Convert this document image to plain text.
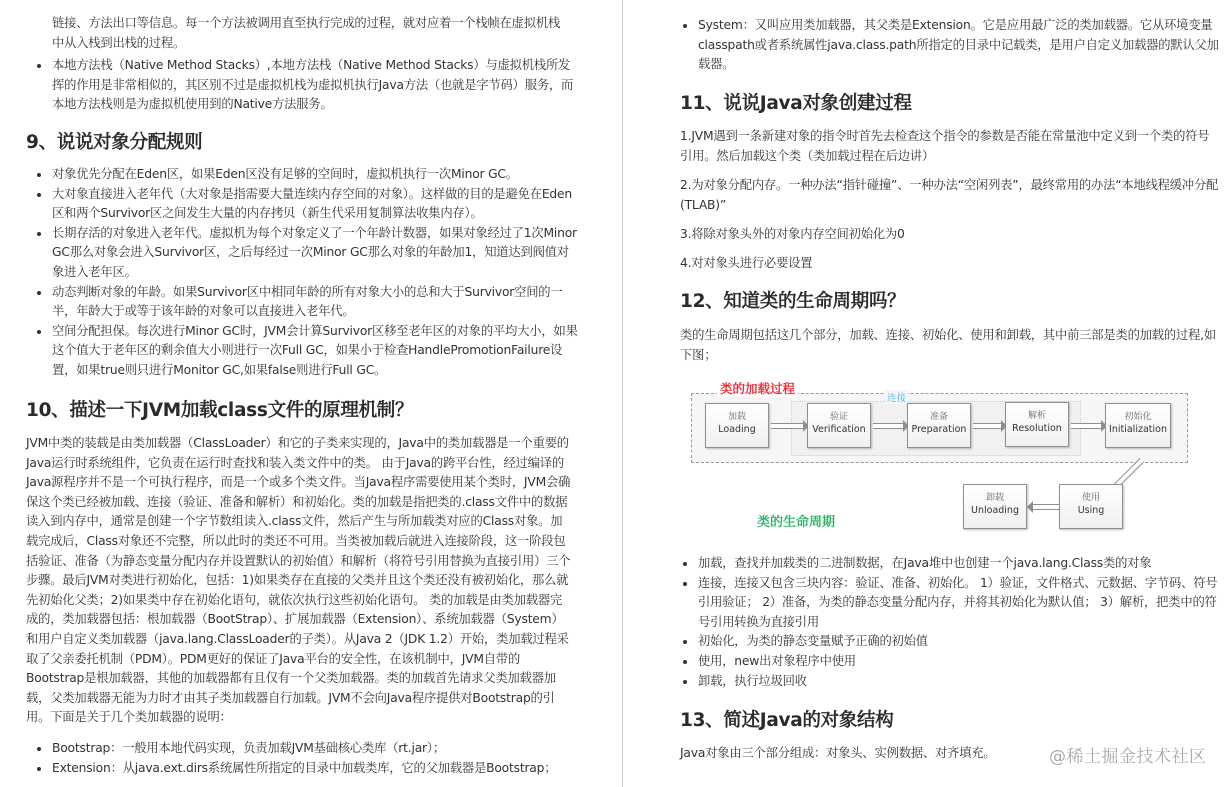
链接、方法出口等信息。每一个方法被调用直至执行完成的过程，就对应着一个栈帧在虚拟机栈中从入栈到出栈的过程。
本地方法栈（Native Method Stacks）,本地方法栈（Native Method Stacks）与虚拟机栈所发挥的作用是非常相似的，其区别不过是虚拟机栈为虚拟机执行Java方法（也就是字节码）服务，而本地方法栈则是为虚拟机使用到的Native方法服务。
9、说说对象分配规则
对象优先分配在Eden区，如果Eden区没有足够的空间时，虚拟机执行一次Minor GC。
大对象直接进入老年代（大对象是指需要大量连续内存空间的对象）。这样做的目的是避免在Eden区和两个Survivor区之间发生大量的内存拷贝（新生代采用复制算法收集内存）。
长期存活的对象进入老年代。虚拟机为每个对象定义了一个年龄计数器，如果对象经过了1次Minor GC那么对象会进入Survivor区，之后每经过一次Minor GC那么对象的年龄加1，知道达到阀值对象进入老年区。
动态判断对象的年龄。如果Survivor区中相同年龄的所有对象大小的总和大于Survivor空间的一半，年龄大于或等于该年龄的对象可以直接进入老年代。
空间分配担保。每次进行Minor GC时，JVM会计算Survivor区移至老年区的对象的平均大小，如果这个值大于老年区的剩余值大小则进行一次Full GC，如果小于检查HandlePromotionFailure设置，如果true则只进行Monitor GC,如果false则进行Full GC。
10、描述一下JVM加载class文件的原理机制？
JVM中类的装载是由类加载器（ClassLoader）和它的子类来实现的，Java中的类加载器是一个重要的Java运行时系统组件，它负责在运行时查找和装入类文件中的类。 由于Java的跨平台性，经过编译的Java源程序并不是一个可执行程序，而是一个或多个类文件。当Java程序需要使用某个类时，JVM会确保这个类已经被加载、连接（验证、准备和解析）和初始化。类的加载是指把类的.class文件中的数据读入到内存中，通常是创建一个字节数组读入.class文件，然后产生与所加载类对应的Class对象。加载完成后，Class对象还不完整，所以此时的类还不可用。当类被加载后就进入连接阶段，这一阶段包括验证、准备（为静态变量分配内存并设置默认的初始值）和解析（将符号引用替换为直接引用）三个步骤。最后JVM对类进行初始化，包括：1)如果类存在直接的父类并且这个类还没有被初始化，那么就先初始化父类；2)如果类中存在初始化语句，就依次执行这些初始化语句。 类的加载是由类加载器完成的，类加载器包括：根加载器（BootStrap）、扩展加载器（Extension）、系统加载器（System）和用户自定义类加载器（java.lang.ClassLoader的子类）。从Java 2（JDK 1.2）开始，类加载过程采取了父亲委托机制（PDM）。PDM更好的保证了Java平台的安全性，在该机制中，JVM自带的Bootstrap是根加载器，其他的加载器都有且仅有一个父类加载器。类的加载首先请求父类加载器加载，父类加载器无能为力时才由其子类加载器自行加载。JVM不会向Java程序提供对Bootstrap的引用。下面是关于几个类加载器的说明：
Bootstrap：一般用本地代码实现，负责加载JVM基础核心类库（rt.jar）；
Extension：从java.ext.dirs系统属性所指定的目录中加载类库，它的父加载器是Bootstrap；
System：又叫应用类加载器，其父类是Extension。它是应用最广泛的类加载器。它从环境变量classpath或者系统属性java.class.path所指定的目录中记载类，是用户自定义加载器的默认父加载器。
11、说说Java对象创建过程
1.JVM遇到一条新建对象的指令时首先去检查这个指令的参数是否能在常量池中定义到一个类的符号引用。然后加载这个类（类加载过程在后边讲）
2.为对象分配内存。一种办法“指针碰撞”、一种办法“空闲列表”，最终常用的办法“本地线程缓冲分配(TLAB)”
3.将除对象头外的对象内存空间初始化为0
4.对对象头进行必要设置
12、知道类的生命周期吗？
类的生命周期包括这几个部分，加载、连接、初始化、使用和卸载，其中前三部是类的加载的过程,如下图；
类的加载过程
连接
加载
Loading
验证
Verification
准备
Preparation
解析
Resolution
初始化
Initialization
使用
Using
卸载
Unloading
类的生命周期
加载，查找并加载类的二进制数据，在Java堆中也创建一个java.lang.Class类的对象
连接，连接又包含三块内容：验证、准备、初始化。 1）验证，文件格式、元数据、字节码、符号引用验证； 2）准备，为类的静态变量分配内存，并将其初始化为默认值； 3）解析，把类中的符号引用转换为直接引用
初始化，为类的静态变量赋予正确的初始值
使用，new出对象程序中使用
卸载，执行垃圾回收
13、简述Java的对象结构
Java对象由三个部分组成：对象头、实例数据、对齐填充。	@稀土掘金技术社区
